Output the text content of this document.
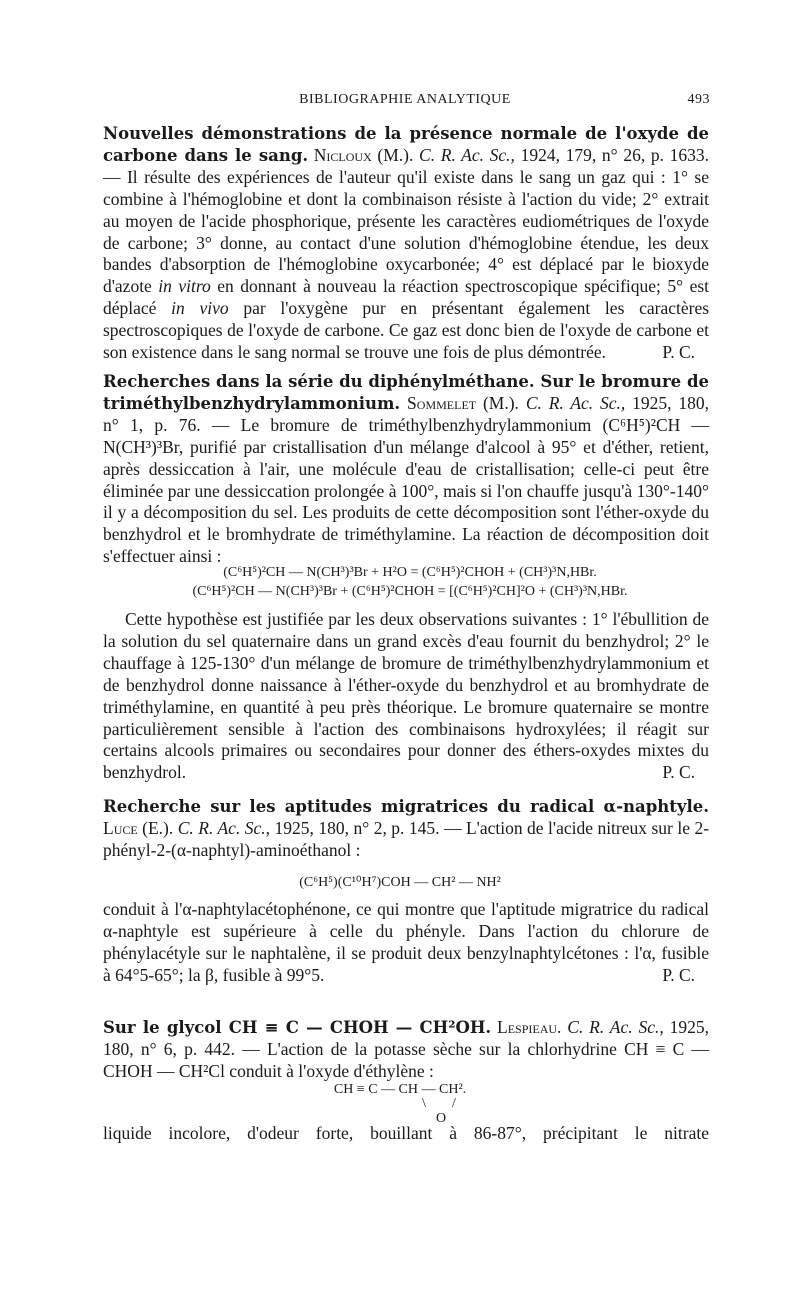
BIBLIOGRAPHIE ANALYTIQUE	493

Nouvelles démonstrations de la présence normale de l'oxyde de carbone dans le sang. Nicloux (M.). C. R. Ac. Sc., 1924, 179, n° 26, p. 1633. — Il résulte des expériences de l'auteur qu'il existe dans le sang un gaz qui : 1° se combine à l'hémoglobine et dont la combinaison résiste à l'action du vide; 2° extrait au moyen de l'acide phosphorique, présente les caractères eudiométriques de l'oxyde de carbone; 3° donne, au contact d'une solution d'hémoglobine étendue, les deux bandes d'absorption de l'hémoglobine oxycarbonée; 4° est déplacé par le bioxyde d'azote in vitro en donnant à nouveau la réaction spectroscopique spécifique; 5° est déplacé in vivo par l'oxygène pur en présentant également les caractères spectroscopiques de l'oxyde de carbone. Ce gaz est donc bien de l'oxyde de carbone et son existence dans le sang normal se trouve une fois de plus démontrée.	P. C.

Recherches dans la série du diphénylméthane. Sur le bromure de triméthylbenzhydrylammonium. Sommelet (M.). C. R. Ac. Sc., 1925, 180, n° 1, p. 76. — Le bromure de triméthylbenzhydrylammonium (C⁶H⁵)²CH — N(CH³)³Br, purifié par cristallisation d'un mélange d'alcool à 95° et d'éther, retient, après dessiccation à l'air, une molécule d'eau de cristallisation; celle-ci peut être éliminée par une dessiccation prolongée à 100°, mais si l'on chauffe jusqu'à 130°-140° il y a décomposition du sel. Les produits de cette décomposition sont l'éther-oxyde du benzhydrol et le bromhydrate de triméthylamine. La réaction de décomposition doit s'effectuer ainsi :

(C⁶H⁵)²CH — N(CH³)³Br + H²O = (C⁶H⁵)²CHOH + (CH³)³N,HBr.
(C⁶H⁵)²CH — N(CH³)³Br + (C⁶H⁵)²CHOH = [(C⁶H⁵)²CH]²O + (CH³)³N,HBr.

Cette hypothèse est justifiée par les deux observations suivantes : 1° l'ébullition de la solution du sel quaternaire dans un grand excès d'eau fournit du benzhydrol; 2° le chauffage à 125-130° d'un mélange de bromure de triméthylbenzhydrylammonium et de benzhydrol donne naissance à l'éther-oxyde du benzhydrol et au bromhydrate de triméthylamine, en quantité à peu près théorique. Le bromure quaternaire se montre particulièrement sensible à l'action des combinaisons hydroxylées; il réagit sur certains alcools primaires ou secondaires pour donner des éthers-oxydes mixtes du benzhydrol.	P. C.

Recherche sur les aptitudes migratrices du radical α-naphtyle. Luce (E.). C. R. Ac. Sc., 1925, 180, n° 2, p. 145. — L'action de l'acide nitreux sur le 2-phényl-2-(α-naphtyl)-aminoéthanol :

(C⁶H⁵)(C¹⁰H⁷)COH — CH² — NH²

conduit à l'α-naphtylacétophénone, ce qui montre que l'aptitude migratrice du radical α-naphtyle est supérieure à celle du phényle. Dans l'action du chlorure de phénylacétyle sur le naphtalène, il se produit deux benzylnaphtylcétones : l'α, fusible à 64°5-65°; la β, fusible à 99°5.	P. C.

Sur le glycol CH ≡ C — CHOH — CH²OH. Lespieau. C. R. Ac. Sc., 1925, 180, n° 6, p. 442. — L'action de la potasse sèche sur la chlorhydrine CH ≡ C — CHOH — CH²Cl conduit à l'oxyde d'éthylène :

CH ≡ C — CH — CH².
\ /
O
liquide incolore, d'odeur forte, bouillant à 86-87°, précipitant le nitrate
